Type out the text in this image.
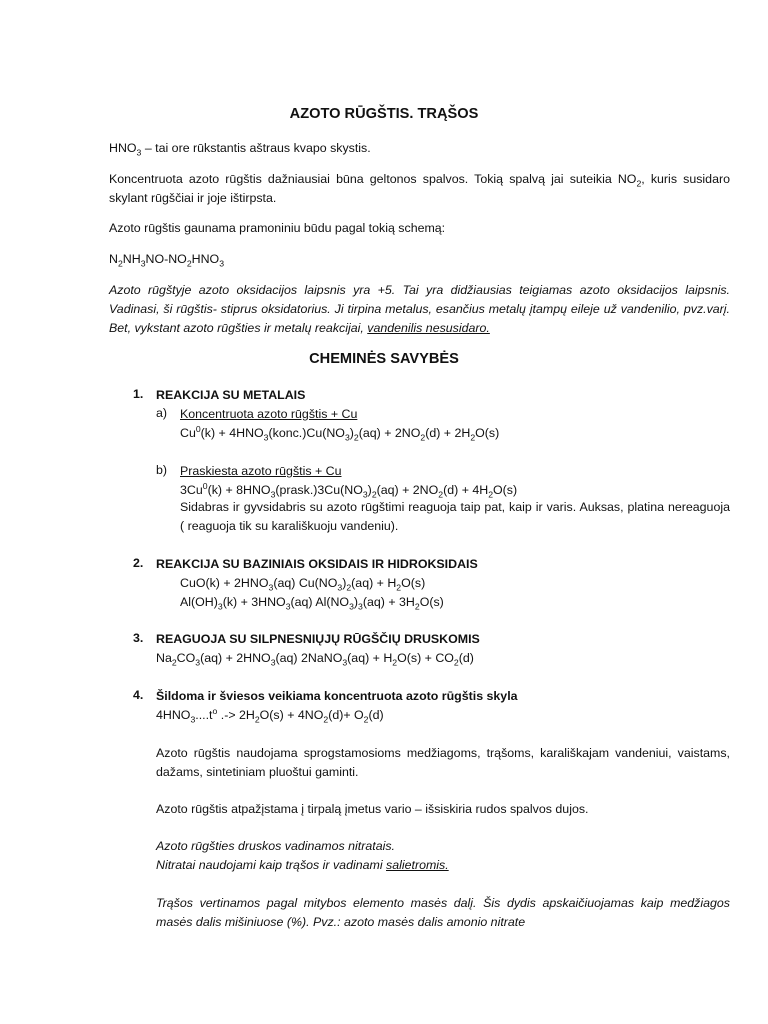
AZOTO RŪGŠTIS. TRĄŠOS
$HNO_3$ – tai ore rūkstantis aštraus kvapo skystis.
Koncentruota azoto rūgštis dažniausiai būna geltonos spalvos. Tokią spalvą jai suteikia $NO_2$, kuris susidaro skylant rūgščiai ir joje ištirpsta.
Azoto rūgštis gaunama pramoniniu būdu pagal tokią schemą:
$N_2NH_3NO-NO_2HNO_3$
Azoto rūgštyje azoto oksidacijos laipsnis yra +5. Tai yra didžiausias teigiamas azoto oksidacijos laipsnis. Vadinasi, ši rūgštis- stiprus oksidatorius. Ji tirpina metalus, esančius metalų įtampų eileje už vandenilio, pvz.varį. Bet, vykstant azoto rūgšties ir metalų reakcijai, vandenilis nesusidaro.
CHEMINĖS SAVYBĖS
1. REAKCIJA SU METALAIS
a) Koncentruota azoto rūgštis + Cu
$Cu^0(k)$ + $4HNO_3(konc.)Cu(NO_3)_2(aq) + 2NO_2(d) + 2H_2O(s)$
b) Praskiesta azoto rūgštis + Cu
$3Cu^0(k)$ + $8HNO_3(prask.)3Cu(NO_3)_2(aq) + 2NO_2(d) + 4H_2O(s)$
Sidabras ir gyvsidabris su azoto rūgštimi reaguoja taip pat, kaip ir varis. Auksas, platina nereaguoja ( reaguoja tik su karališkuoju vandeniu).
2. REAKCIJA SU BAZINIAIS OKSIDAIS IR HIDROKSIDAIS
$CuO(k) + 2HNO_3(aq) Cu(NO_3)_2(aq) + H_2O(s)$
$Al(OH)_3(k) + 3HNO_3(aq) Al(NO_3)_3(aq) + 3H_2O(s)$
3. REAGUOJA SU SILPNESNIŲJŲ RŪGŠČIŲ DRUSKOMIS
$Na_2CO_3(aq) + 2HNO_3(aq)$ 2NaNO$_3$(aq) + $H_2O(s) + CO_2(d)$
4. Šildoma ir šviesos veikiama koncentruota azoto rūgštis skyla
$4HNO_3....t^o$ .-> $2H_2O(s) + 4NO_2(d)+ O_2(d)$
Azoto rūgštis naudojama sprogstamosioms medžiagoms, trąšoms, karališkajam vandeniui, vaistams, dažams, sintetiniam pluoštui gaminti.
Azoto rūgštis atpažįstama į tirpalą įmetus vario – išsiskiria rudos spalvos dujos.
Azoto rūgšties druskos vadinamos nitratais.
Nitratai naudojami kaip trąšos ir vadinami salietromis.
Trąšos vertinamos pagal mitybos elemento masės dalį. Šis dydis apskaičiuojamas kaip medžiagos masės dalis mišiniuose (%). Pvz.: azoto masės dalis amonio nitrate
